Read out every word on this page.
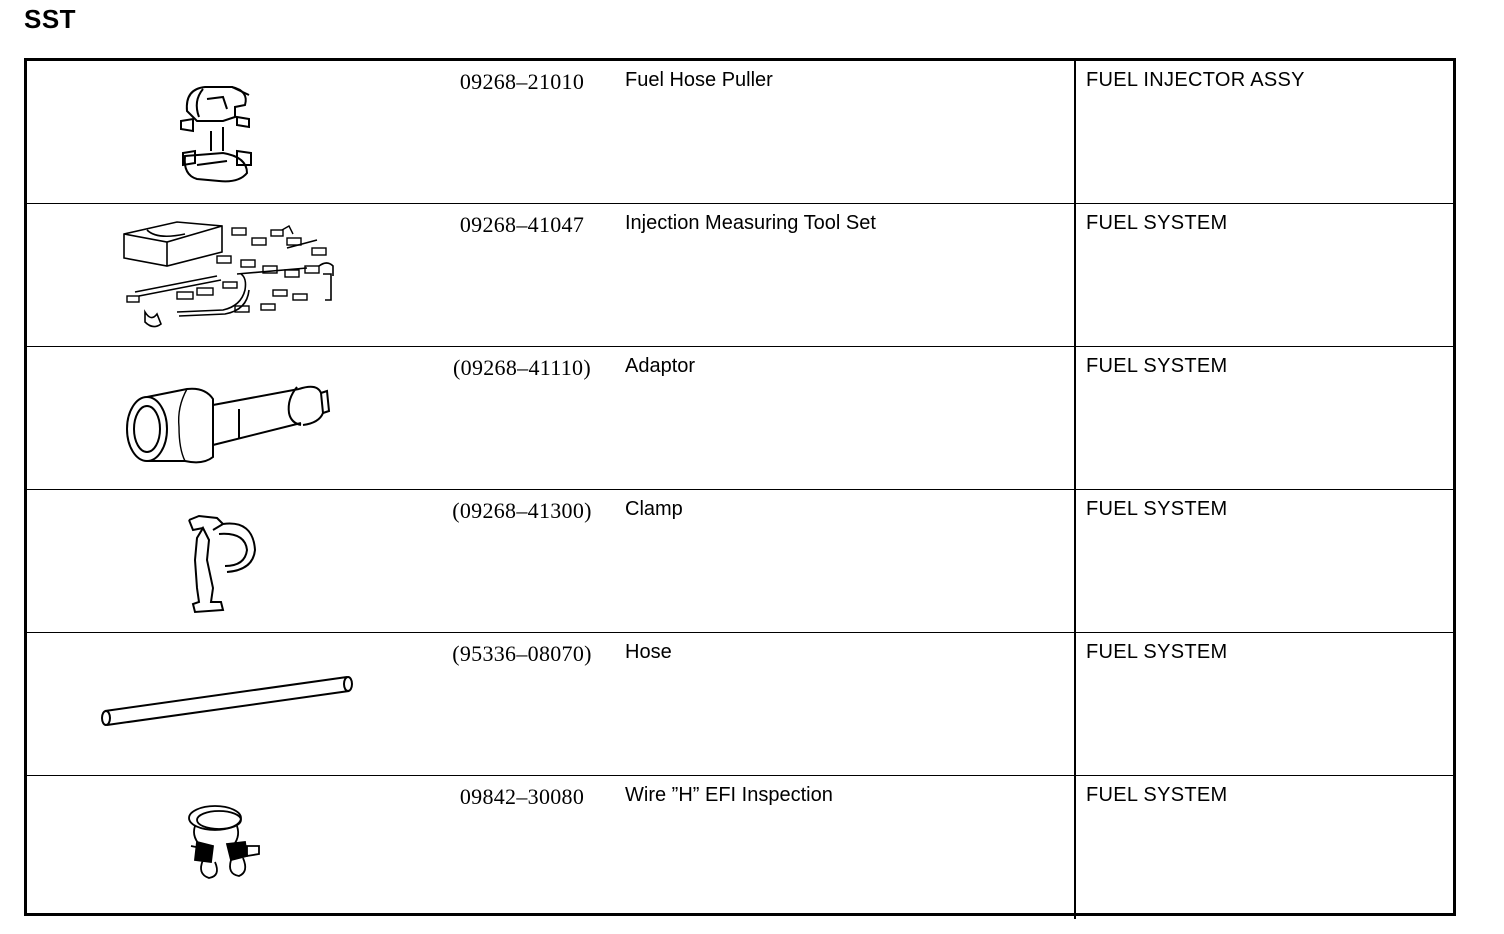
SST
09268–21010	Fuel Hose Puller	FUEL INJECTOR ASSY
09268–41047	Injection Measuring Tool Set	FUEL SYSTEM
(09268–41110)	Adaptor	FUEL SYSTEM
(09268–41300)	Clamp	FUEL SYSTEM
(95336–08070)	Hose	FUEL SYSTEM
09842–30080	Wire ”H” EFI Inspection	FUEL SYSTEM
